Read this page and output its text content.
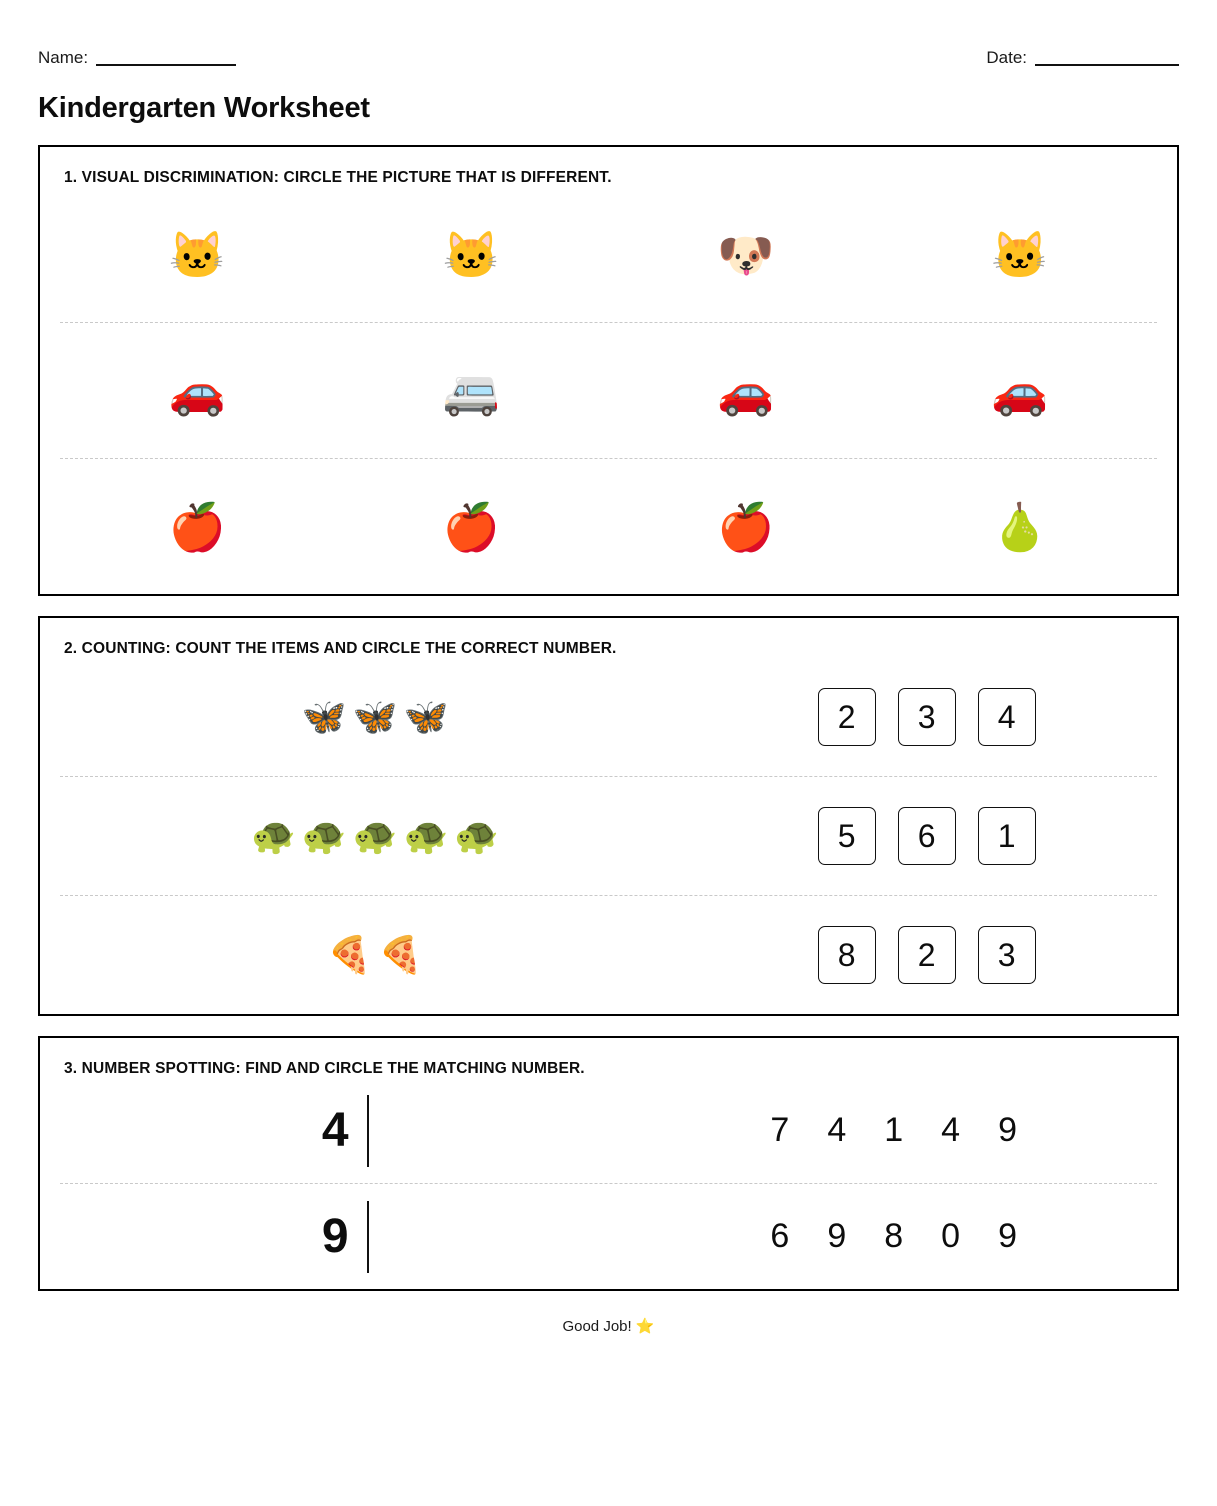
Name:	Date:
Kindergarten Worksheet
1. VISUAL DISCRIMINATION: CIRCLE THE PICTURE THAT IS DIFFERENT.
🐱	🐱	🐶	🐱
🚗	🚐	🚗	🚗
🍎	🍎	🍎	🍐
2. COUNTING: COUNT THE ITEMS AND CIRCLE THE CORRECT NUMBER.
🦋🦋🦋	2	3	4
🐢🐢🐢🐢🐢	5	6	1
🍕🍕	8	2	3
3. NUMBER SPOTTING: FIND AND CIRCLE THE MATCHING NUMBER.
4	7 4 1 4 9
9	6 9 8 0 9
Good Job! ⭐
